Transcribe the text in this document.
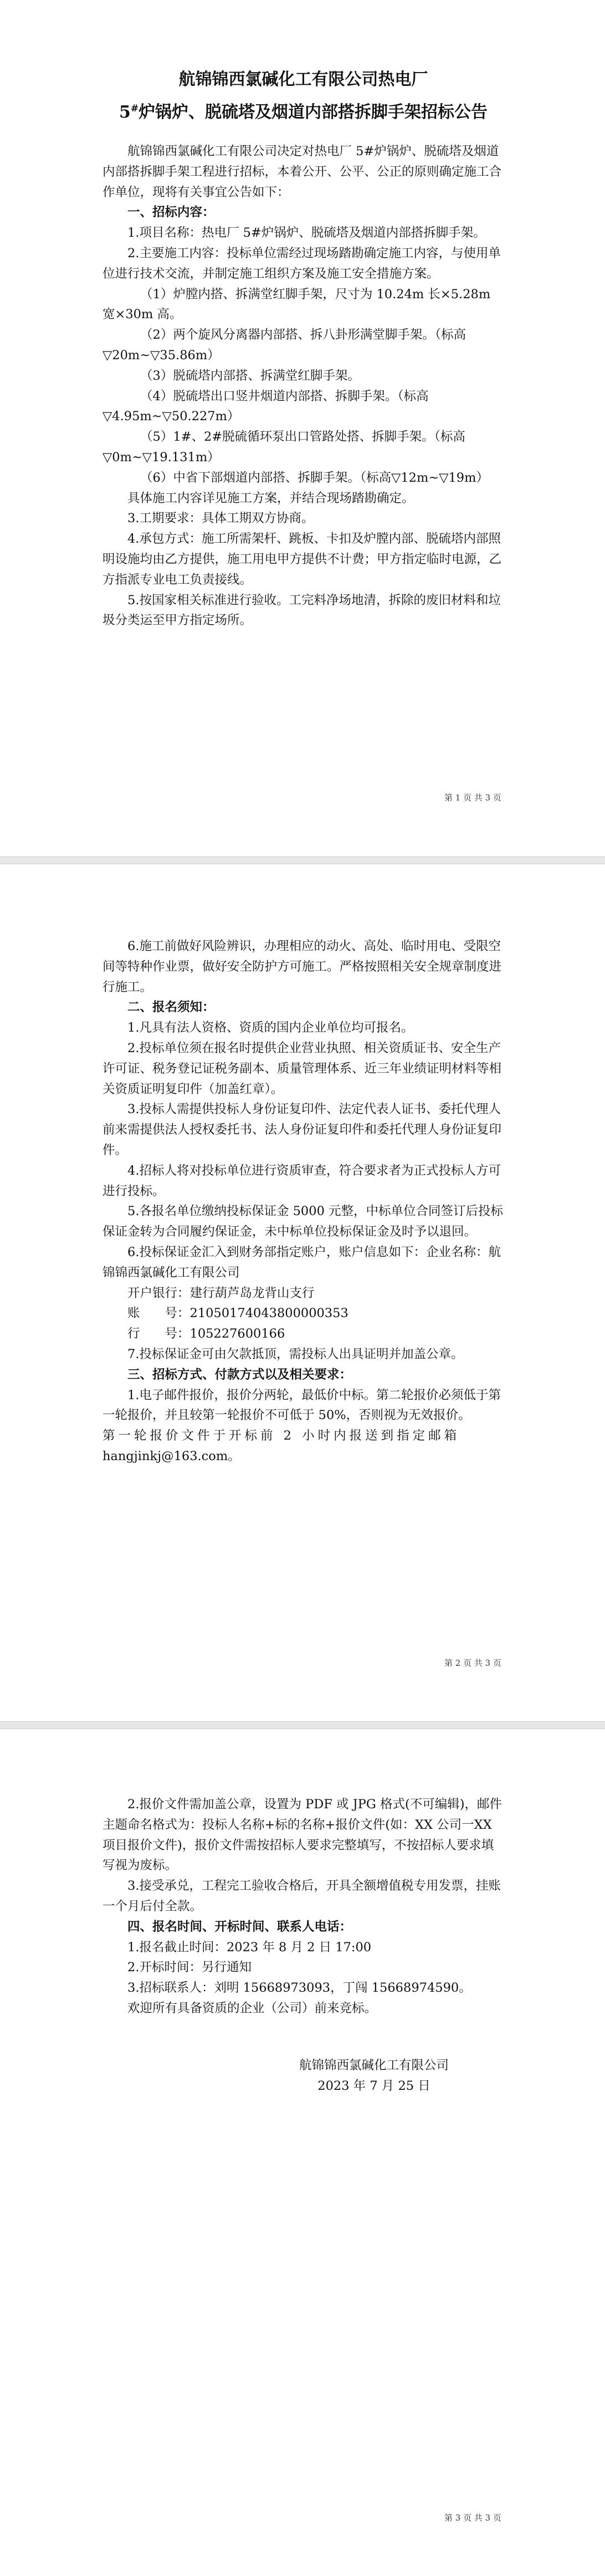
航锦锦西氯碱化工有限公司热电厂

5#炉锅炉、脱硫塔及烟道内部搭拆脚手架招标公告

航锦锦西氯碱化工有限公司决定对热电厂 5#炉锅炉、脱硫塔及烟道内部搭拆脚手架工程进行招标，本着公开、公平、公正的原则确定施工合作单位，现将有关事宜公告如下：

一、招标内容：

1.项目名称：热电厂 5#炉锅炉、脱硫塔及烟道内部搭拆脚手架。

2.主要施工内容：投标单位需经过现场踏勘确定施工内容，与使用单位进行技术交流，并制定施工组织方案及施工安全措施方案。

（1）炉膛内搭、拆满堂红脚手架，尺寸为 10.24m 长×5.28m 宽×30m 高。

（2）两个旋风分离器内部搭、拆八卦形满堂脚手架。（标高▽20m~▽35.86m）

（3）脱硫塔内部搭、拆满堂红脚手架。

（4）脱硫塔出口竖井烟道内部搭、拆脚手架。（标高▽4.95m~▽50.227m）

（5）1#、2#脱硫循环泵出口管路处搭、拆脚手架。（标高▽0m~▽19.131m）

（6）中省下部烟道内部搭、拆脚手架。（标高▽12m~▽19m）

具体施工内容详见施工方案，并结合现场踏勘确定。

3.工期要求：具体工期双方协商。

4.承包方式：施工所需架杆、跳板、卡扣及炉膛内部、脱硫塔内部照明设施均由乙方提供，施工用电甲方提供不计费；甲方指定临时电源，乙方指派专业电工负责接线。

5.按国家相关标准进行验收。工完料净场地清，拆除的废旧材料和垃圾分类运至甲方指定场所。

第 1 页 共 3 页

6.施工前做好风险辨识，办理相应的动火、高处、临时用电、受限空间等特种作业票，做好安全防护方可施工。严格按照相关安全规章制度进行施工。

二、报名须知：

1.凡具有法人资格、资质的国内企业单位均可报名。

2.投标单位须在报名时提供企业营业执照、相关资质证书、安全生产许可证、税务登记证税务副本、质量管理体系、近三年业绩证明材料等相关资质证明复印件（加盖红章）。

3.投标人需提供投标人身份证复印件、法定代表人证书、委托代理人前来需提供法人授权委托书、法人身份证复印件和委托代理人身份证复印件。

4.招标人将对投标单位进行资质审查，符合要求者为正式投标人方可进行投标。

5.各报名单位缴纳投标保证金 5000 元整，中标单位合同签订后投标保证金转为合同履约保证金，未中标单位投标保证金及时予以退回。

6.投标保证金汇入到财务部指定账户，账户信息如下：企业名称：航锦锦西氯碱化工有限公司

开户银行：建行葫芦岛龙背山支行

账　　号：2105017404380000035​3

行　　号：105227600166

7.投标保证金可由欠款抵顶，需投标人出具证明并加盖公章。

三、招标方式、付款方式以及相关要求：

1.电子邮件报价，报价分两轮，最低价中标。第二轮报价必须低于第一轮报价，并且较第一轮报价不可低于 50%，否则视为无效报价。

第一轮报价文件于开标前 2 小时内报送到指定邮箱

hangjinkj@163.com。

第 2 页 共 3 页

2.报价文件需加盖公章，设置为 PDF 或 JPG 格式(不可编辑)，邮件主题命名格式为：投标人名称+标的名称+报价文件(如：XX 公司一XX 项目报价文件)，报价文件需按招标人要求完整填写，不按招标人要求填写视为废标。

3.接受承兑，工程完工验收合格后，开具全额增值税专用发票，挂账一个月后付全款。

四、报名时间、开标时间、联系人电话：

1.报名截止时间：2023 年 8 月 2 日 17:00

2.开标时间：另行通知

3.招标联系人：刘明 15668973093，丁闯 15668974590。

欢迎所有具备资质的企业（公司）前来竞标。

航锦锦西氯碱化工有限公司

2023 年 7 月 25 日

第 3 页 共 3 页
